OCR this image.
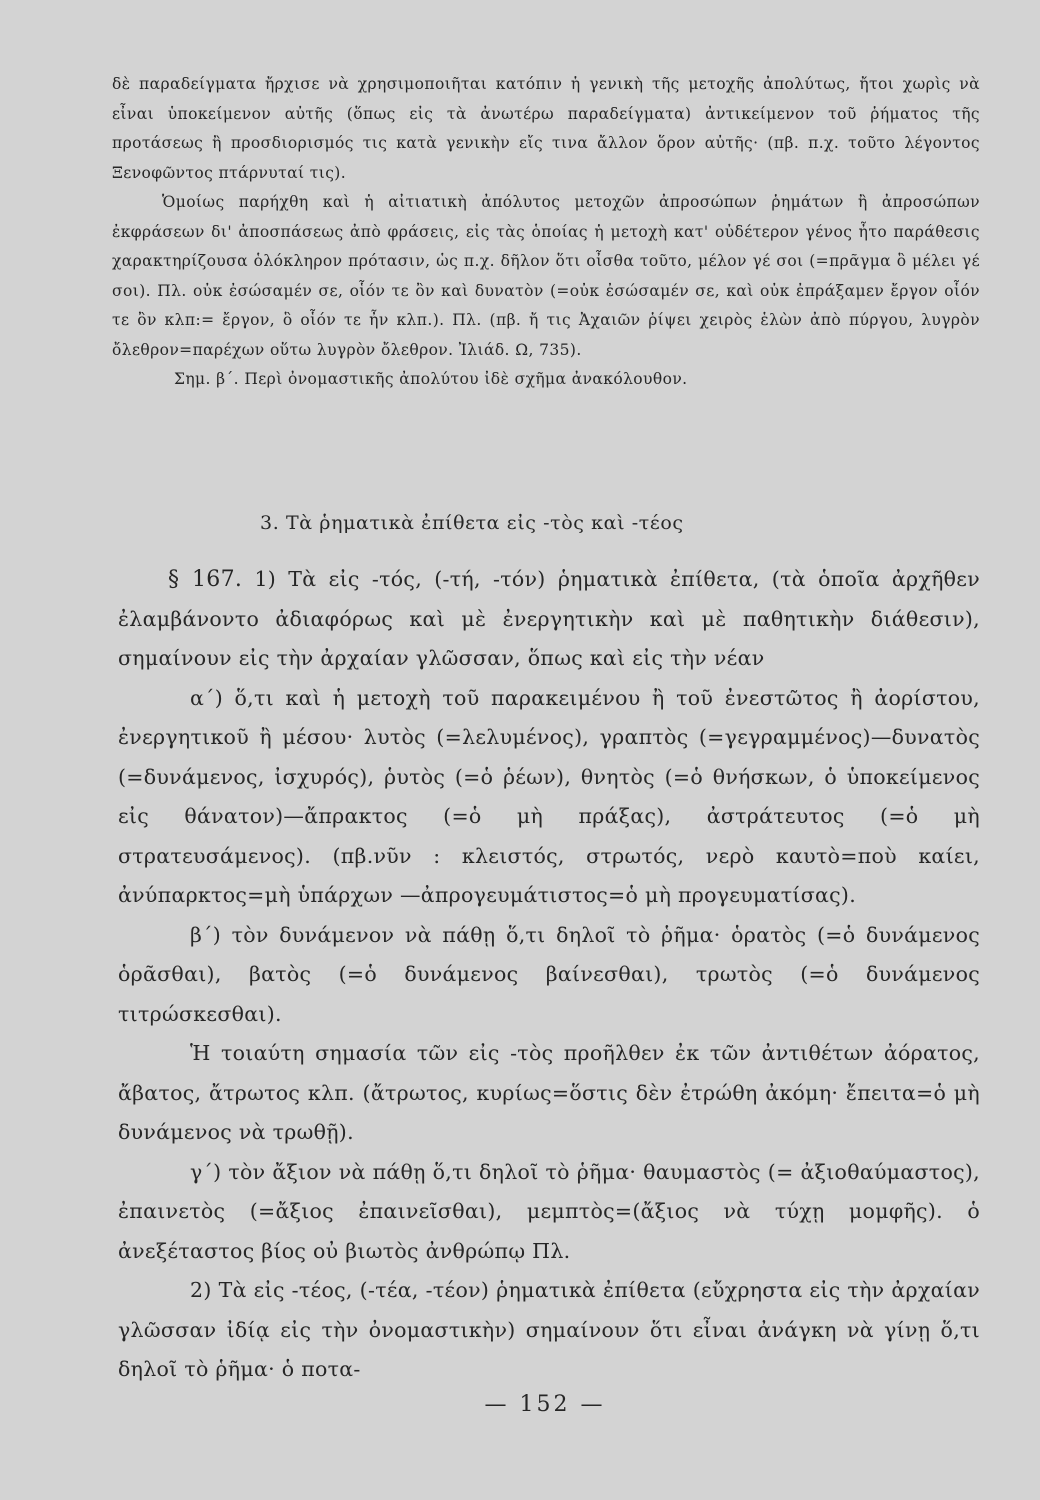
δὲ παραδείγματα ἤρχισε νὰ χρησιμοποιῆται κατόπιν ἡ γενικὴ τῆς μετοχῆς ἀπολύτως, ἤτοι χωρὶς νὰ εἶναι ὑποκείμενον αὐτῆς (ὅπως εἰς τὰ ἀνωτέρω παραδείγματα) ἀντικείμενον τοῦ ῥήματος τῆς προτάσεως ἢ προσδιορισμός τις κατὰ γενικὴν εἴς τινα ἄλλον ὅρον αὐτῆς· (πβ. π.χ. τοῦτο λέγοντος Ξενοφῶντος πτάρνυταί τις).

Ὁμοίως παρήχθη καὶ ἡ αἰτιατικὴ ἀπόλυτος μετοχῶν ἀπροσώπων ῥημάτων ἢ ἀπροσώπων ἐκφράσεων δι' ἀποσπάσεως ἀπὸ φράσεις, εἰς τὰς ὁποίας ἡ μετοχὴ κατ' οὐδέτερον γένος ἦτο παράθεσις χαρακτηρίζουσα ὁλόκληρον πρότασιν, ὡς π.χ. δῆλον ὅτι οἶσθα τοῦτο, μέλον γέ σοι (=πρᾶγμα ὃ μέλει γέ σοι). Πλ. οὐκ ἐσώσαμέν σε, οἷόν τε ὂν καὶ δυνατὸν (=οὐκ ἐσώσαμέν σε, καὶ οὐκ ἐπράξαμεν ἔργον οἷόν τε ὂν κλπ:= ἔργον, ὃ οἷόν τε ἦν κλπ.). Πλ. (πβ. ἤ τις Ἀχαιῶν ῥίψει χειρὸς ἑλὼν ἀπὸ πύργου, λυγρὸν ὄλεθρον=παρέχων οὕτω λυγρὸν ὄλεθρον. Ἰλιάδ. Ω, 735).

Σημ. β΄. Περὶ ὀνομαστικῆς ἀπολύτου ἰδὲ σχῆμα ἀνακόλουθον.

3. Τὰ ῥηματικὰ ἐπίθετα εἰς -τὸς καὶ -τέος

§ 167. 1) Τὰ εἰς -τός, (-τή, -τόν) ῥηματικὰ ἐπίθετα, (τὰ ὁποῖα ἀρχῆθεν ἐλαμβάνοντο ἀδιαφόρως καὶ μὲ ἐνεργητικὴν καὶ μὲ παθητικὴν διάθεσιν), σημαίνουν εἰς τὴν ἀρχαίαν γλῶσσαν, ὅπως καὶ εἰς τὴν νέαν

α΄) ὅ,τι καὶ ἡ μετοχὴ τοῦ παρακειμένου ἢ τοῦ ἐνεστῶτος ἢ ἀορίστου, ἐνεργητικοῦ ἢ μέσου· λυτὸς (=λελυμένος), γραπτὸς (=γεγραμμένος)—δυνατὸς (=δυνάμενος, ἰσχυρός), ῥυτὸς (=ὁ ῥέων), θνητὸς (=ὁ θνήσκων, ὁ ὑποκείμενος εἰς θάνατον)—ἄπρακτος (=ὁ μὴ πράξας), ἀστράτευτος (=ὁ μὴ στρατευσάμενος). (πβ.νῦν : κλειστός, στρωτός, νερὸ καυτὸ=ποὺ καίει, ἀνύπαρκτος=μὴ ὑπάρχων —ἀπρογευμάτιστος=ὁ μὴ προγευματίσας).

β΄) τὸν δυνάμενον νὰ πάθῃ ὅ,τι δηλοῖ τὸ ῥῆμα· ὁρατὸς (=ὁ δυνάμενος ὁρᾶσθαι), βατὸς (=ὁ δυνάμενος βαίνεσθαι), τρωτὸς (=ὁ δυνάμενος τιτρώσκεσθαι).

Ἡ τοιαύτη σημασία τῶν εἰς -τὸς προῆλθεν ἐκ τῶν ἀντιθέτων ἀόρατος, ἄβατος, ἄτρωτος κλπ. (ἄτρωτος, κυρίως=ὅστις δὲν ἐτρώθη ἀκόμη· ἔπειτα=ὁ μὴ δυνάμενος νὰ τρωθῇ).

γ΄) τὸν ἄξιον νὰ πάθῃ ὅ,τι δηλοῖ τὸ ῥῆμα· θαυμαστὸς (= ἀξιοθαύμαστος), ἐπαινετὸς (=ἄξιος ἐπαινεῖσθαι), μεμπτὸς=(ἄξιος νὰ τύχῃ μομφῆς). ὁ ἀνεξέταστος βίος οὐ βιωτὸς ἀνθρώπῳ Πλ.

2) Τὰ εἰς -τέος, (-τέα, -τέον) ῥηματικὰ ἐπίθετα (εὔχρηστα εἰς τὴν ἀρχαίαν γλῶσσαν ἰδίᾳ εἰς τὴν ὀνομαστικὴν) σημαίνουν ὅτι εἶναι ἀνάγκη νὰ γίνῃ ὅ,τι δηλοῖ τὸ ῥῆμα· ὁ ποτα-

— 152 —
